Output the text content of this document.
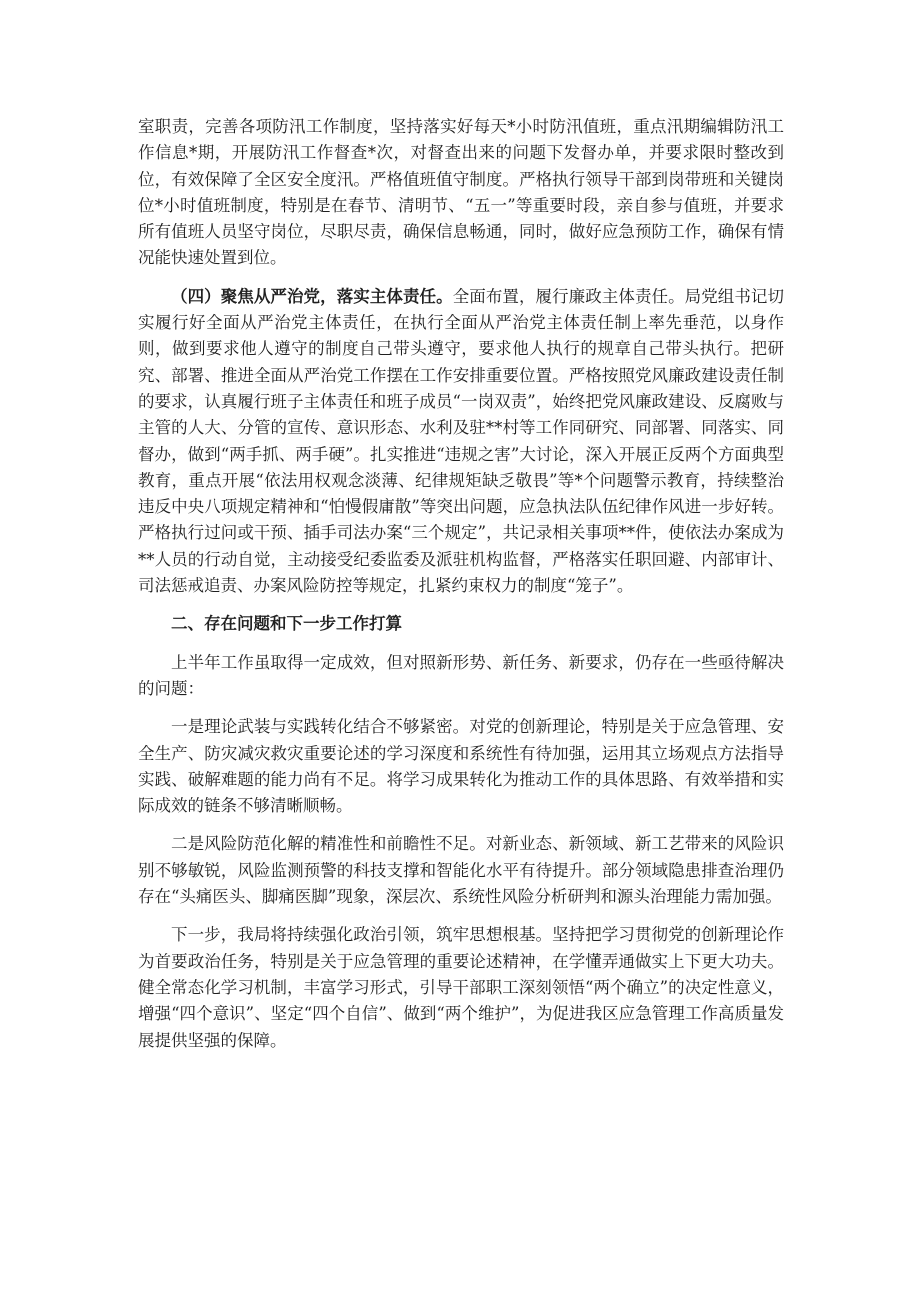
室职责，完善各项防汛工作制度，坚持落实好每天*小时防汛值班，重点汛期编辑防汛工作信息*期，开展防汛工作督查*次，对督查出来的问题下发督办单，并要求限时整改到位，有效保障了全区安全度汛。严格值班值守制度。严格执行领导干部到岗带班和关键岗位*小时值班制度，特别是在春节、清明节、“五一”等重要时段，亲自参与值班，并要求所有值班人员坚守岗位，尽职尽责，确保信息畅通，同时，做好应急预防工作，确保有情况能快速处置到位。

（四）聚焦从严治党，落实主体责任。全面布置，履行廉政主体责任。局党组书记切实履行好全面从严治党主体责任，在执行全面从严治党主体责任制上率先垂范，以身作则，做到要求他人遵守的制度自己带头遵守，要求他人执行的规章自己带头执行。把研究、部署、推进全面从严治党工作摆在工作安排重要位置。严格按照党风廉政建设责任制的要求，认真履行班子主体责任和班子成员“一岗双责”，始终把党风廉政建设、反腐败与主管的人大、分管的宣传、意识形态、水利及驻**村等工作同研究、同部署、同落实、同督办，做到“两手抓、两手硬”。扎实推进“违规之害”大讨论，深入开展正反两个方面典型教育，重点开展“依法用权观念淡薄、纪律规矩缺乏敬畏”等*个问题警示教育，持续整治违反中央八项规定精神和“怕慢假庸散”等突出问题，应急执法队伍纪律作风进一步好转。严格执行过问或干预、插手司法办案“三个规定”，共记录相关事项**件，使依法办案成为**人员的行动自觉，主动接受纪委监委及派驻机构监督，严格落实任职回避、内部审计、司法惩戒追责、办案风险防控等规定，扎紧约束权力的制度“笼子”。

二、存在问题和下一步工作打算

上半年工作虽取得一定成效，但对照新形势、新任务、新要求，仍存在一些亟待解决的问题：

一是理论武装与实践转化结合不够紧密。对党的创新理论，特别是关于应急管理、安全生产、防灾减灾救灾重要论述的学习深度和系统性有待加强，运用其立场观点方法指导实践、破解难题的能力尚有不足。将学习成果转化为推动工作的具体思路、有效举措和实际成效的链条不够清晰顺畅。

二是风险防范化解的精准性和前瞻性不足。对新业态、新领域、新工艺带来的风险识别不够敏锐，风险监测预警的科技支撑和智能化水平有待提升。部分领域隐患排查治理仍存在“头痛医头、脚痛医脚”现象，深层次、系统性风险分析研判和源头治理能力需加强。

下一步，我局将持续强化政治引领，筑牢思想根基。坚持把学习贯彻党的创新理论作为首要政治任务，特别是关于应急管理的重要论述精神，在学懂弄通做实上下更大功夫。健全常态化学习机制，丰富学习形式，引导干部职工深刻领悟“两个确立”的决定性意义，增强“四个意识”、坚定“四个自信”、做到“两个维护”，为促进我区应急管理工作高质量发展提供坚强的保障。
